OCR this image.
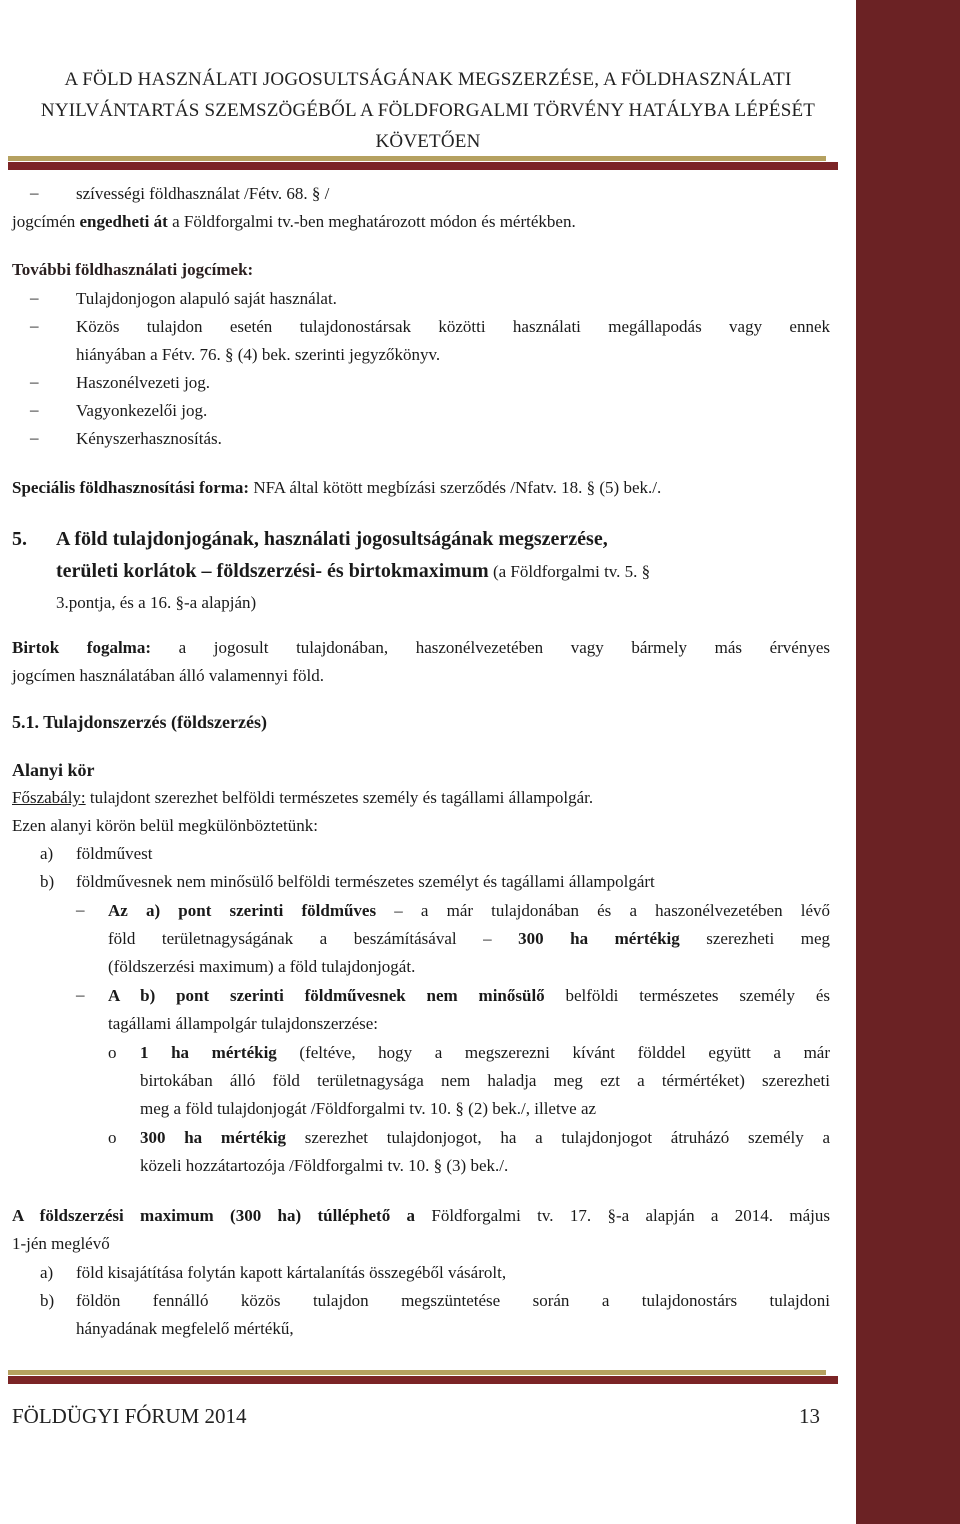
A FÖLD HASZNÁLATI JOGOSULTSÁGÁNAK MEGSZERZÉSE, A FÖLDHASZNÁLATI
NYILVÁNTARTÁS SZEMSZÖGÉBŐL A FÖLDFORGALMI TÖRVÉNY HATÁLYBA LÉPÉSÉT
KÖVETŐEN
– szívességi földhasználat /Fétv. 68. § /
jogcímén engedheti át a Földforgalmi tv.-ben meghatározott módon és mértékben.
További földhasználati jogcímek:
– Tulajdonjogon alapuló saját használat.
– Közös tulajdon esetén tulajdonostársak közötti használati megállapodás vagy ennek
hiányában a Fétv. 76. § (4) bek. szerinti jegyzőkönyv.
– Haszonélvezeti jog.
– Vagyonkezelői jog.
– Kényszerhasznosítás.
Speciális földhasznosítási forma: NFA által kötött megbízási szerződés /Nfatv. 18. § (5) bek./.
5. A föld tulajdonjogának, használati jogosultságának megszerzése,
területi korlátok – földszerzési- és birtokmaximum (a Földforgalmi tv. 5. §
3.pontja, és a 16. §-a alapján)
Birtok fogalma: a jogosult tulajdonában, haszonélvezetében vagy bármely más érvényes
jogcímen használatában álló valamennyi föld.
5.1. Tulajdonszerzés (földszerzés)
Alanyi kör
Főszabály: tulajdont szerezhet belföldi természetes személy és tagállami állampolgár.
Ezen alanyi körön belül megkülönböztetünk:
a) földművest
b) földművesnek nem minősülő belföldi természetes személyt és tagállami állampolgárt
– Az a) pont szerinti földműves – a már tulajdonában és a haszonélvezetében lévő
föld területnagyságának a beszámításával – 300 ha mértékig szerezheti meg
(földszerzési maximum) a föld tulajdonjogát.
– A b) pont szerinti földművesnek nem minősülő belföldi természetes személy és
tagállami állampolgár tulajdonszerzése:
o 1 ha mértékig (feltéve, hogy a megszerezni kívánt földdel együtt a már
birtokában álló föld területnagysága nem haladja meg ezt a térmértéket) szerezheti
meg a föld tulajdonjogát /Földforgalmi tv. 10. § (2) bek./, illetve az
o 300 ha mértékig szerezhet tulajdonjogot, ha a tulajdonjogot átruházó személy a
közeli hozzátartozója /Földforgalmi tv. 10. § (3) bek./.
A földszerzési maximum (300 ha) túlléphető a Földforgalmi tv. 17. §-a alapján a 2014. május
1-jén meglévő
a) föld kisajátítása folytán kapott kártalanítás összegéből vásárolt,
b) földön fennálló közös tulajdon megszüntetése során a tulajdonostárs tulajdoni
hányadának megfelelő mértékű,
FÖLDÜGYI FÓRUM 2014	13
